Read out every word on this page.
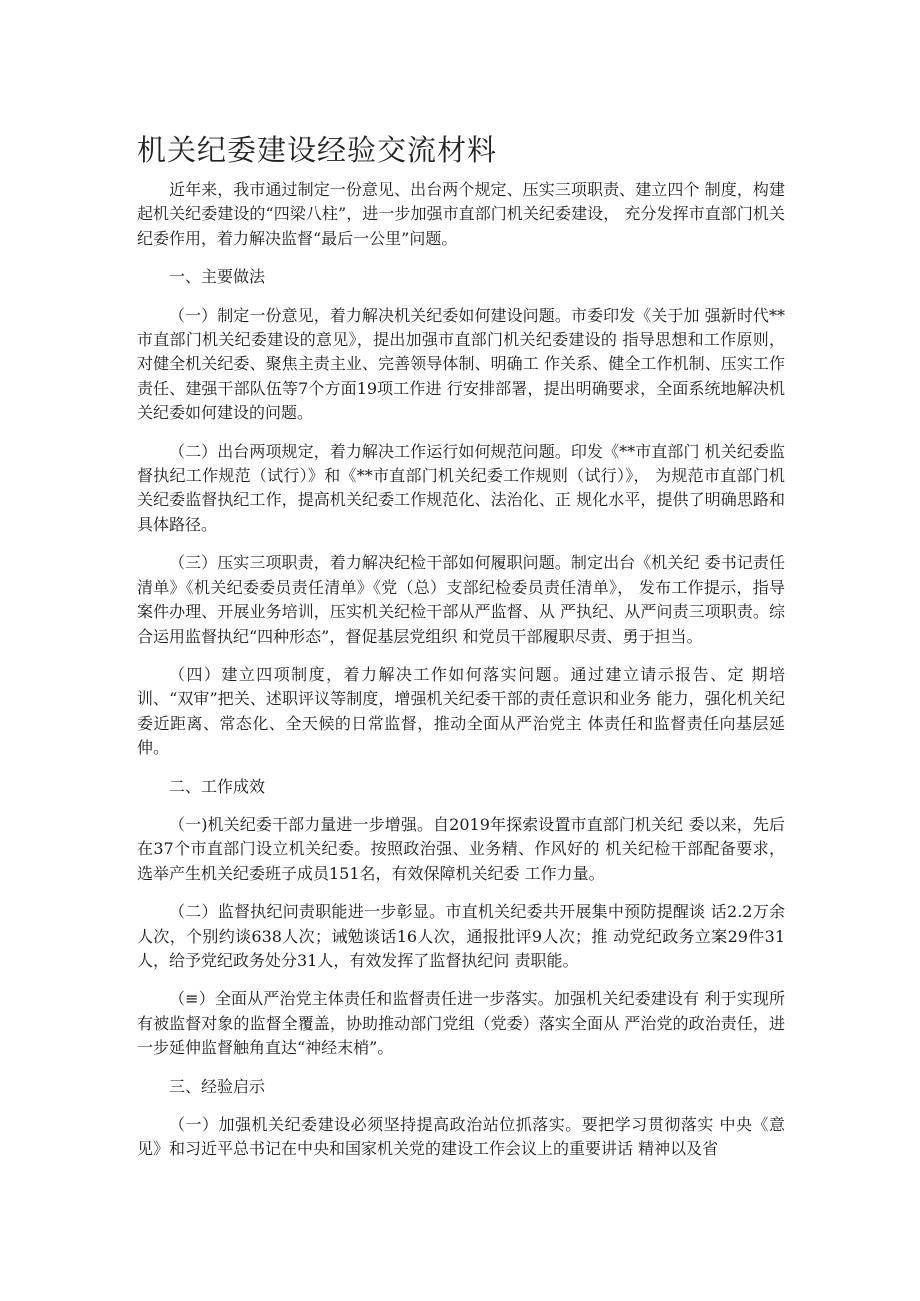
机关纪委建设经验交流材料

近年来，我市通过制定一份意见、出台两个规定、压实三项职责、建立四个 制度，构建起机关纪委建设的“四梁八柱”，进一步加强市直部门机关纪委建设， 充分发挥市直部门机关纪委作用，着力解决监督“最后一公里”问题。

一、主要做法

（一）制定一份意见，着力解决机关纪委如何建设问题。市委印发《关于加 强新时代**市直部门机关纪委建设的意见》，提出加强市直部门机关纪委建设的 指导思想和工作原则，对健全机关纪委、聚焦主责主业、完善领导体制、明确工 作关系、健全工作机制、压实工作责任、建强干部队伍等7个方面19项工作进 行安排部署，提出明确要求，全面系统地解决机关纪委如何建设的问题。

（二）出台两项规定，着力解决工作运行如何规范问题。印发《**市直部门 机关纪委监督执纪工作规范（试行）》和《**市直部门机关纪委工作规则（试行）》， 为规范市直部门机关纪委监督执纪工作，提高机关纪委工作规范化、法治化、正 规化水平，提供了明确思路和具体路径。

（三）压实三项职责，着力解决纪检干部如何履职问题。制定出台《机关纪 委书记责任清单》《机关纪委委员责任清单》《党（总）支部纪检委员责任清单》， 发布工作提示，指导案件办理、开展业务培训，压实机关纪检干部从严监督、从 严执纪、从严问责三项职责。综合运用监督执纪“四种形态”，督促基层党组织 和党员干部履职尽责、勇于担当。

（四）建立四项制度，着力解决工作如何落实问题。通过建立请示报告、定 期培训、“双审”把关、述职评议等制度，增强机关纪委干部的责任意识和业务 能力，强化机关纪委近距离、常态化、全天候的日常监督，推动全面从严治党主 体责任和监督责任向基层延伸。

二、工作成效

（一)机关纪委干部力量进一步增强。自2019年探索设置市直部门机关纪 委以来，先后在37个市直部门设立机关纪委。按照政治强、业务精、作风好的 机关纪检干部配备要求，选举产生机关纪委班子成员151名，有效保障机关纪委 工作力量。

（二）监督执纪问责职能进一步彰显。市直机关纪委共开展集中预防提醒谈 话2.2万余人次，个别约谈638人次；诫勉谈话16人次，通报批评9人次；推 动党纪政务立案29件31人，给予党纪政务处分31人，有效发挥了监督执纪问 责职能。

（≡）全面从严治党主体责任和监督责任进一步落实。加强机关纪委建设有 利于实现所有被监督对象的监督全覆盖，协助推动部门党组（党委）落实全面从 严治党的政治责任，进一步延伸监督触角直达“神经末梢”。

三、经验启示

（一）加强机关纪委建设必须坚持提高政治站位抓落实。要把学习贯彻落实 中央《意见》和习近平总书记在中央和国家机关党的建设工作会议上的重要讲话 精神以及省
